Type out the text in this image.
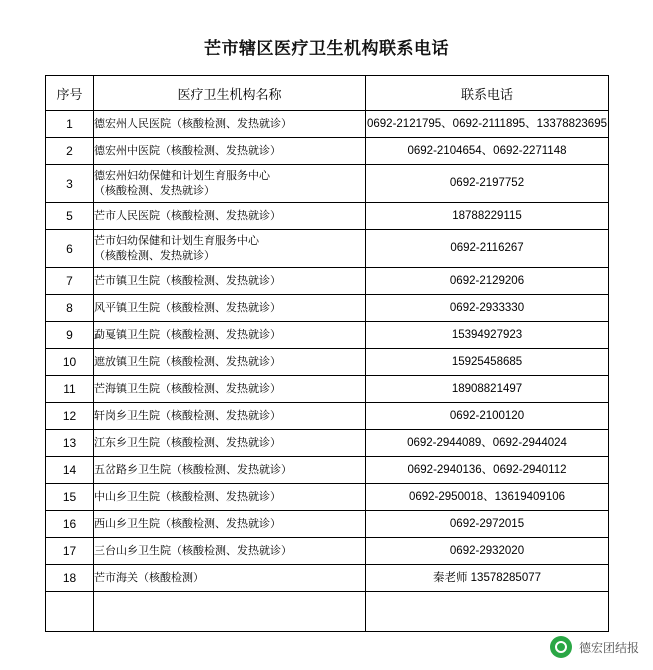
芒市辖区医疗卫生机构联系电话
序号	医疗卫生机构名称	联系电话
1	德宏州人民医院（核酸检测、发热就诊）	0692-2121795、0692-2111895、13378823695

2	德宏州中医院（核酸检测、发热就诊）	0692-2104654、0692-2271148

3	德宏州妇幼保健和计划生育服务中心
（核酸检测、发热就诊）	0692-2197752

5	芒市人民医院（核酸检测、发热就诊）	18788229115

6	芒市妇幼保健和计划生育服务中心
（核酸检测、发热就诊）	0692-2116267

7	芒市镇卫生院（核酸检测、发热就诊）	0692-2129206

8	风平镇卫生院（核酸检测、发热就诊）	0692-2933330

9	勐戛镇卫生院（核酸检测、发热就诊）	15394927923

10	遮放镇卫生院（核酸检测、发热就诊）	15925458685

11	芒海镇卫生院（核酸检测、发热就诊）	18908821497

12	轩岗乡卫生院（核酸检测、发热就诊）	0692-2100120

13	江东乡卫生院（核酸检测、发热就诊）	0692-2944089、0692-2944024

14	五岔路乡卫生院（核酸检测、发热就诊）	0692-2940136、0692-2940112

15	中山乡卫生院（核酸检测、发热就诊）	0692-2950018、13619409106

16	西山乡卫生院（核酸检测、发热就诊）	0692-2972015

17	三台山乡卫生院（核酸检测、发热就诊）	0692-2932020

18	芒市海关（核酸检测）	秦老师 13578285077

德宏团结报
